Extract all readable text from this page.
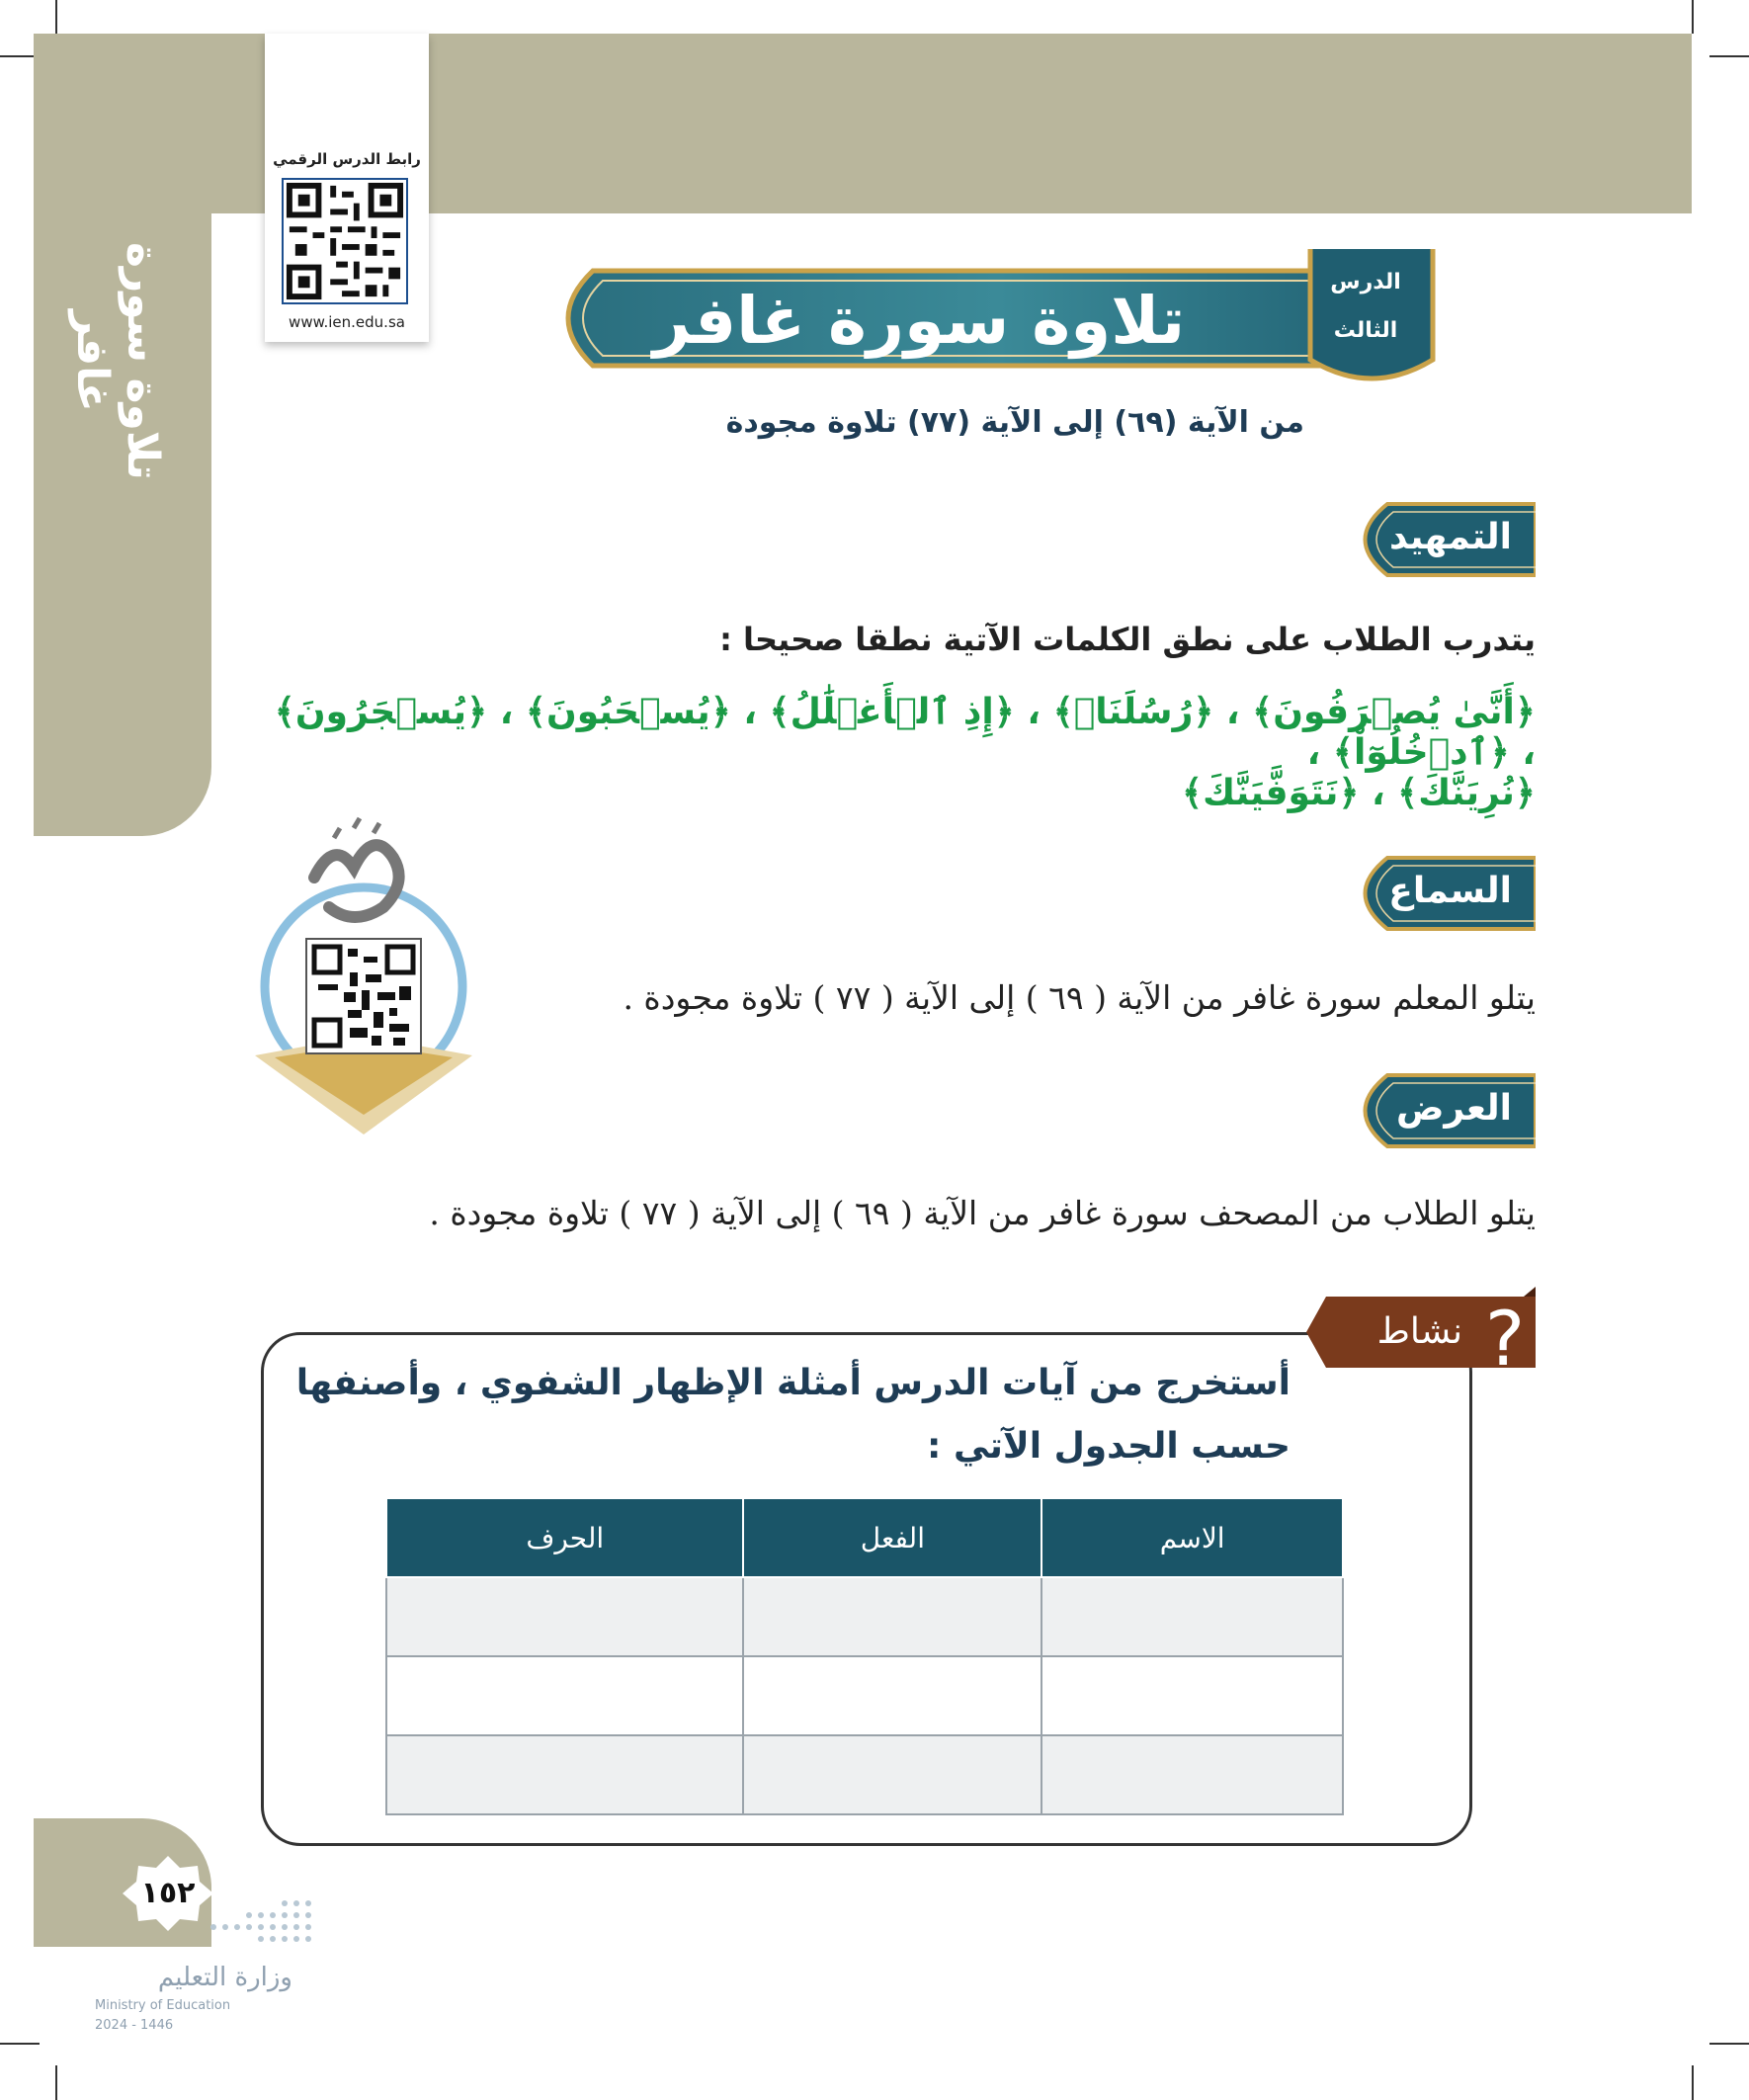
تلاوة سورة غافر
رابط الدرس الرقمي
www.ien.edu.sa	تلاوة سورة غافر
الدرس
الثالث
من الآية (٦٩) إلى الآية (٧٧) تلاوة مجودة
التمهيد
يتدرب الطلاب على نطق الكلمات الآتية نطقا صحيحا :
﴿أَنَّىٰ يُصۡرَفُونَ﴾ ، ﴿رُسُلَنَاۖ﴾ ، ﴿إِذِ ٱلۡأَغۡلَٰلُ﴾ ، ﴿يُسۡحَبُونَ﴾ ، ﴿يُسۡجَرُونَ﴾ ، ﴿ٱدۡخُلُوٓاْ﴾ ،
﴿نُرِيَنَّكَ﴾ ، ﴿نَتَوَفَّيَنَّكَ﴾
السماع
يتلو المعلم سورة غافر من الآية ( ٦٩ ) إلى الآية ( ٧٧ ) تلاوة مجودة .
العرض
يتلو الطلاب من المصحف سورة غافر من الآية ( ٦٩ ) إلى الآية ( ٧٧ ) تلاوة مجودة .
نشاط ?
أستخرج من آيات الدرس أمثلة الإظهار الشفوي ، وأصنفها حسب الجدول الآتي :
الاسم	الفعل	الحرف

١٥٢
وزارة التعليم
Ministry of Education
2024 - 1446
